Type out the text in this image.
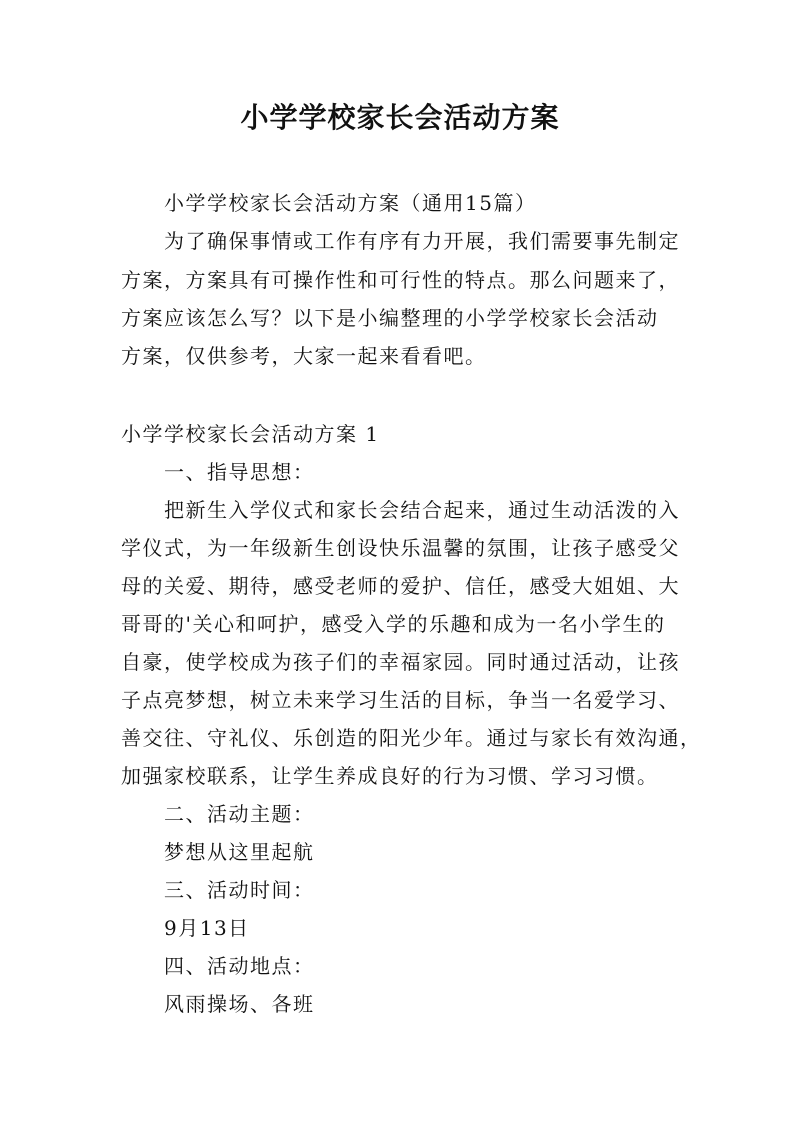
小学学校家长会活动方案
小学学校家长会活动方案（通用15篇）
为了确保事情或工作有序有力开展，我们需要事先制定
方案，方案具有可操作性和可行性的特点。那么问题来了，
方案应该怎么写？以下是小编整理的小学学校家长会活动
方案，仅供参考，大家一起来看看吧。
小学学校家长会活动方案 1
一、指导思想：
把新生入学仪式和家长会结合起来，通过生动活泼的入
学仪式，为一年级新生创设快乐温馨的氛围，让孩子感受父
母的关爱、期待，感受老师的爱护、信任，感受大姐姐、大
哥哥的'关心和呵护，感受入学的乐趣和成为一名小学生的
自豪，使学校成为孩子们的幸福家园。同时通过活动，让孩
子点亮梦想，树立未来学习生活的目标，争当一名爱学习、
善交往、守礼仪、乐创造的阳光少年。通过与家长有效沟通，
加强家校联系，让学生养成良好的行为习惯、学习习惯。
二、活动主题：
梦想从这里起航
三、活动时间：
9月13日
四、活动地点：
风雨操场、各班
